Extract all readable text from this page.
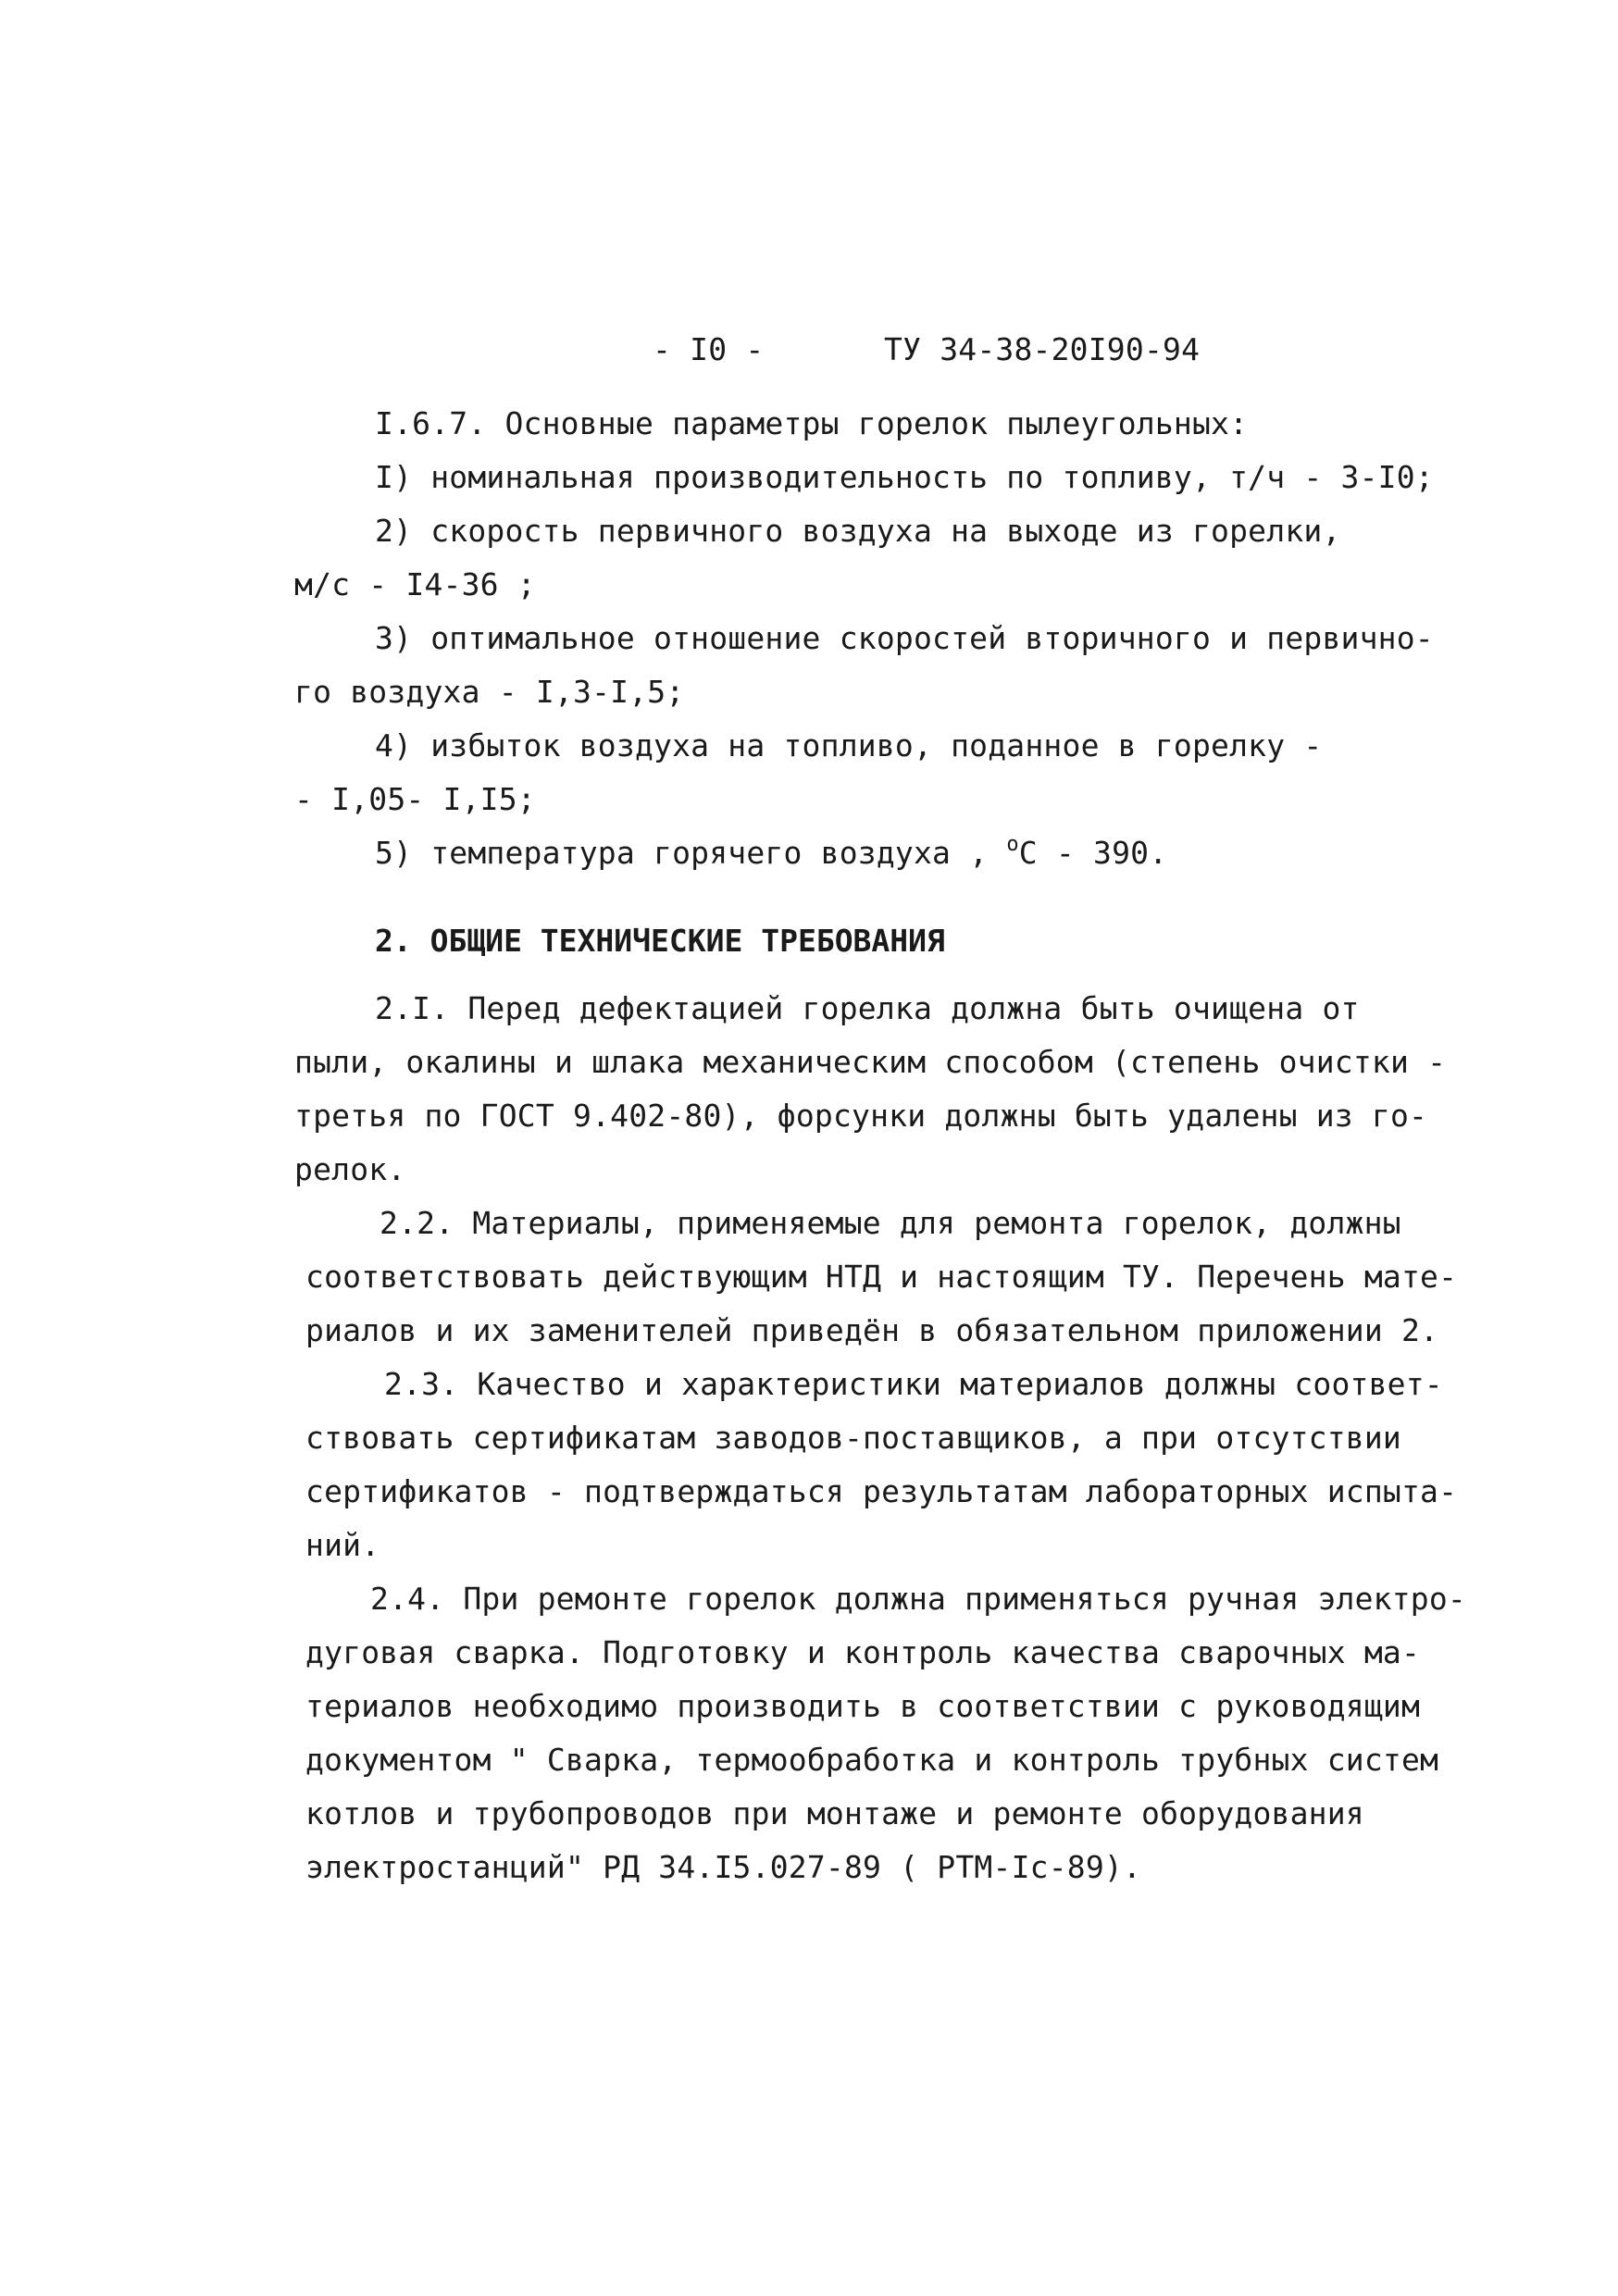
- I0 -	ТУ 34-38-20I90-94
I.6.7. Основные параметры горелок пылеугольных:
I) номинальная производительность по топливу, т/ч - 3-I0;
2) скорость первичного воздуха на выходе из горелки,
м/с - I4-36 ;
3) оптимальное отношение скоростей вторичного и первично-
го воздуха - I,3-I,5;
4) избыток воздуха на топливо, поданное в горелку -
- I,05- I,I5;
5) температура горячего воздуха , $^о$С - 390.
2. ОБЩИЕ ТЕХНИЧЕСКИЕ ТРЕБОВАНИЯ
2.I. Перед дефектацией горелка должна быть очищена от
пыли, окалины и шлака механическим способом (степень очистки -
третья по ГОСТ 9.402-80), форсунки должны быть удалены из го-
релок.
2.2. Материалы, применяемые для ремонта горелок, должны
соответствовать действующим НТД и настоящим ТУ. Перечень мате-
риалов и их заменителей приведён в обязательном приложении 2.
2.3. Качество и характеристики материалов должны соответ-
ствовать сертификатам заводов-поставщиков, а при отсутствии
сертификатов - подтверждаться результатам лабораторных испыта-
ний.
2.4. При ремонте горелок должна применяться ручная электро-
дуговая сварка. Подготовку и контроль качества сварочных ма-
териалов необходимо производить в соответствии с руководящим
документом " Сварка, термообработка и контроль трубных систем
котлов и трубопроводов при монтаже и ремонте оборудования
электростанций" РД 34.I5.027-89 ( РТМ-Iс-89).
